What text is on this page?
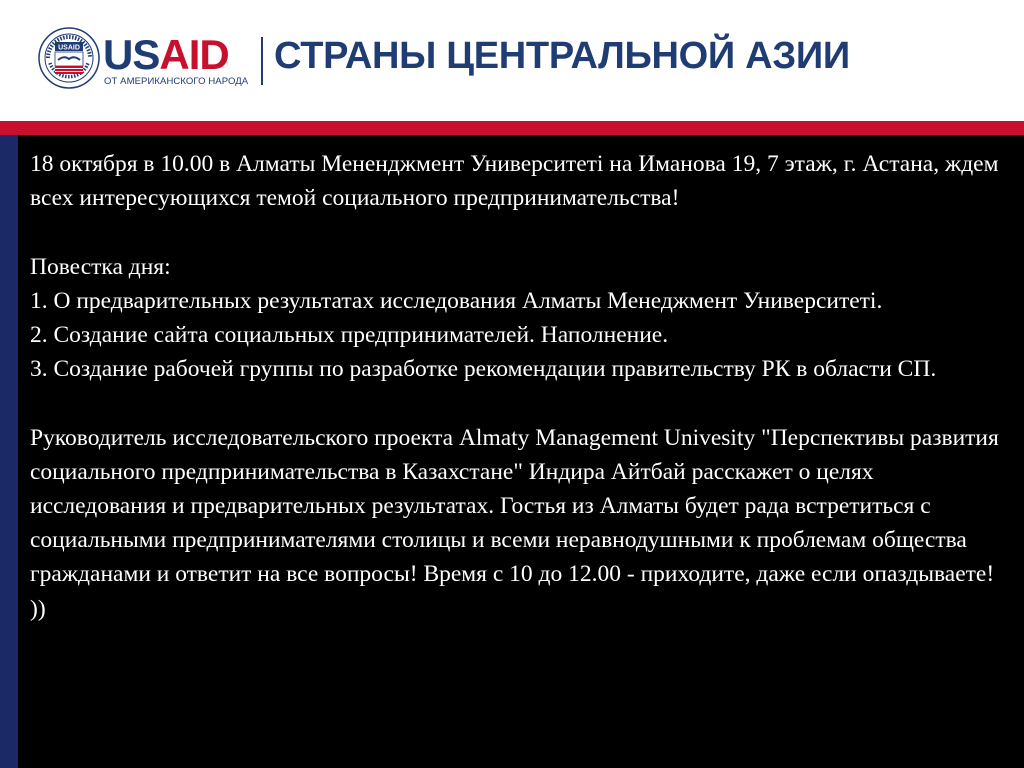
USAID USAID
ОТ АМЕРИКАНСКОГО НАРОДА
СТРАНЫ ЦЕНТРАЛЬНОЙ АЗИИ

18 октября в 10.00 в Алматы Мененджмент Университеті на Иманова 19, 7 этаж, г. Астана, ждем всех интересующихся темой социального предпринимательства!

Повестка дня:

1. О предварительных результатах исследования Алматы Менеджмент Университеті.

2. Создание сайта социальных предпринимателей. Наполнение.

3. Создание рабочей группы по разработке рекомендации правительству РК в области СП.

Руководитель исследовательского проекта Almaty Management Univesity "Перспективы развития социального предпринимательства в Казахстане" Индира Айтбай расскажет о целях исследования и предварительных результатах. Гостья из Алматы будет рада встретиться с социальными предпринимателями столицы и всеми неравнодушными к проблемам общества гражданами и ответит на все вопросы! Время с 10 до 12.00 - приходите, даже если опаздываете! ))
